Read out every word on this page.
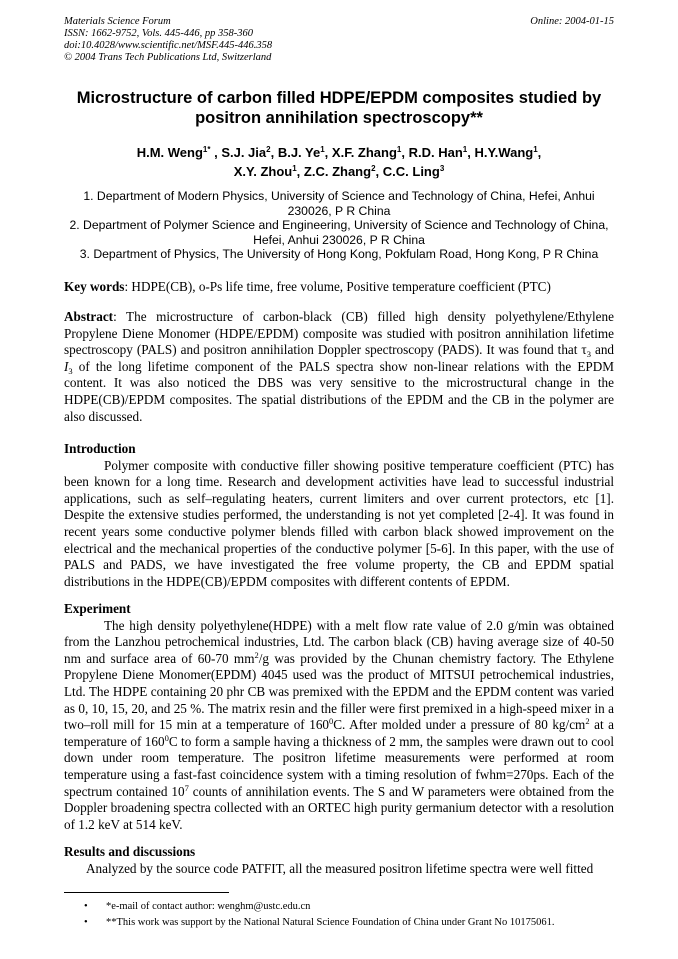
Materials Science Forum
ISSN: 1662-9752, Vols. 445-446, pp 358-360
doi:10.4028/www.scientific.net/MSF.445-446.358
© 2004 Trans Tech Publications Ltd, Switzerland
Online: 2004-01-15
Microstructure of carbon filled HDPE/EPDM composites studied by
positron annihilation spectroscopy**
H.M. Weng$^{1*}$ , S.J. Jia$^2$, B.J. Ye$^1$, X.F. Zhang$^1$, R.D. Han$^1$, H.Y.Wang$^1$,
X.Y. Zhou$^1$, Z.C. Zhang$^2$, C.C. Ling$^3$

1. Department of Modern Physics, University of Science and Technology of China, Hefei, Anhui 230026, P R China

2. Department of Polymer Science and Engineering, University of Science and Technology of China, Hefei, Anhui 230026, P R China

3. Department of Physics, The University of Hong Kong, Pokfulam Road, Hong Kong, P R China

Key words: HDPE(CB), o-Ps life time, free volume, Positive temperature coefficient (PTC)

Abstract: The microstructure of carbon-black (CB) filled high density polyethylene/Ethylene Propylene Diene Monomer (HDPE/EPDM) composite was studied with positron annihilation lifetime spectroscopy (PALS) and positron annihilation Doppler spectroscopy (PADS). It was found that $\tau_3$ and $I_3$ of the long lifetime component of the PALS spectra show non-linear relations with the EPDM content. It was also noticed the DBS was very sensitive to the microstructural change in the HDPE(CB)/EPDM composites. The spatial distributions of the EPDM and the CB in the polymer are also discussed.

Introduction

Polymer composite with conductive filler showing positive temperature coefficient (PTC) has been known for a long time. Research and development activities have lead to successful industrial applications, such as self–regulating heaters, current limiters and over current protectors, etc [1]. Despite the extensive studies performed, the understanding is not yet completed [2-4]. It was found in recent years some conductive polymer blends filled with carbon black showed improvement on the electrical and the mechanical properties of the conductive polymer [5-6]. In this paper, with the use of PALS and PADS, we have investigated the free volume property, the CB and EPDM spatial distributions in the HDPE(CB)/EPDM composites with different contents of EPDM.

Experiment

The high density polyethylene(HDPE) with a melt flow rate value of 2.0 g/min was obtained from the Lanzhou petrochemical industries, Ltd. The carbon black (CB) having average size of 40-50 nm and surface area of 60-70 $mm^2/g$ was provided by the Chunan chemistry factory. The Ethylene Propylene Diene Monomer(EPDM) 4045 used was the product of MITSUI petrochemical industries, Ltd. The HDPE containing 20 phr CB was premixed with the EPDM and the EPDM content was varied as 0, 10, 15, 20, and 25 %. The matrix resin and the filler were first premixed in a high-speed mixer in a two–roll mill for 15 min at a temperature of $160^0C$. After molded under a pressure of 80 $kg/cm^2$ at a temperature of $160^0C$ to form a sample having a thickness of 2 mm, the samples were drawn out to cool down under room temperature. The positron lifetime measurements were performed at room temperature using a fast-fast coincidence system with a timing resolution of fwhm=270ps. Each of the spectrum contained $10^7$ counts of annihilation events. The S and W parameters were obtained from the Doppler broadening spectra collected with an ORTEC high purity germanium detector with a resolution of 1.2 keV at 514 keV.

Results and discussions

Analyzed by the source code PATFIT, all the measured positron lifetime spectra were well fitted

• *e-mail of contact author: wenghm@ustc.edu.cn

• **This work was support by the National Natural Science Foundation of China under Grant No 10175061.
